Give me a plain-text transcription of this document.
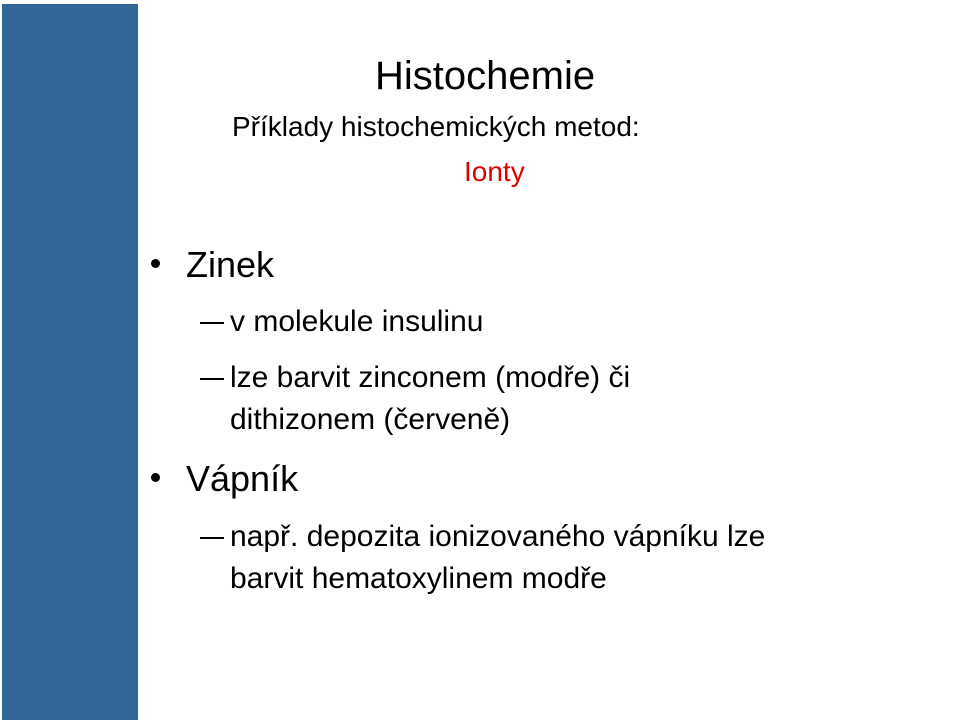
Histochemie
Příklady histochemických metod:
Ionty
Zinek
v molekule insulinu
lze barvit zinconem (modře) či
dithizonem (červeně)
Vápník
např. depozita ionizovaného vápníku lze
barvit hematoxylinem modře
